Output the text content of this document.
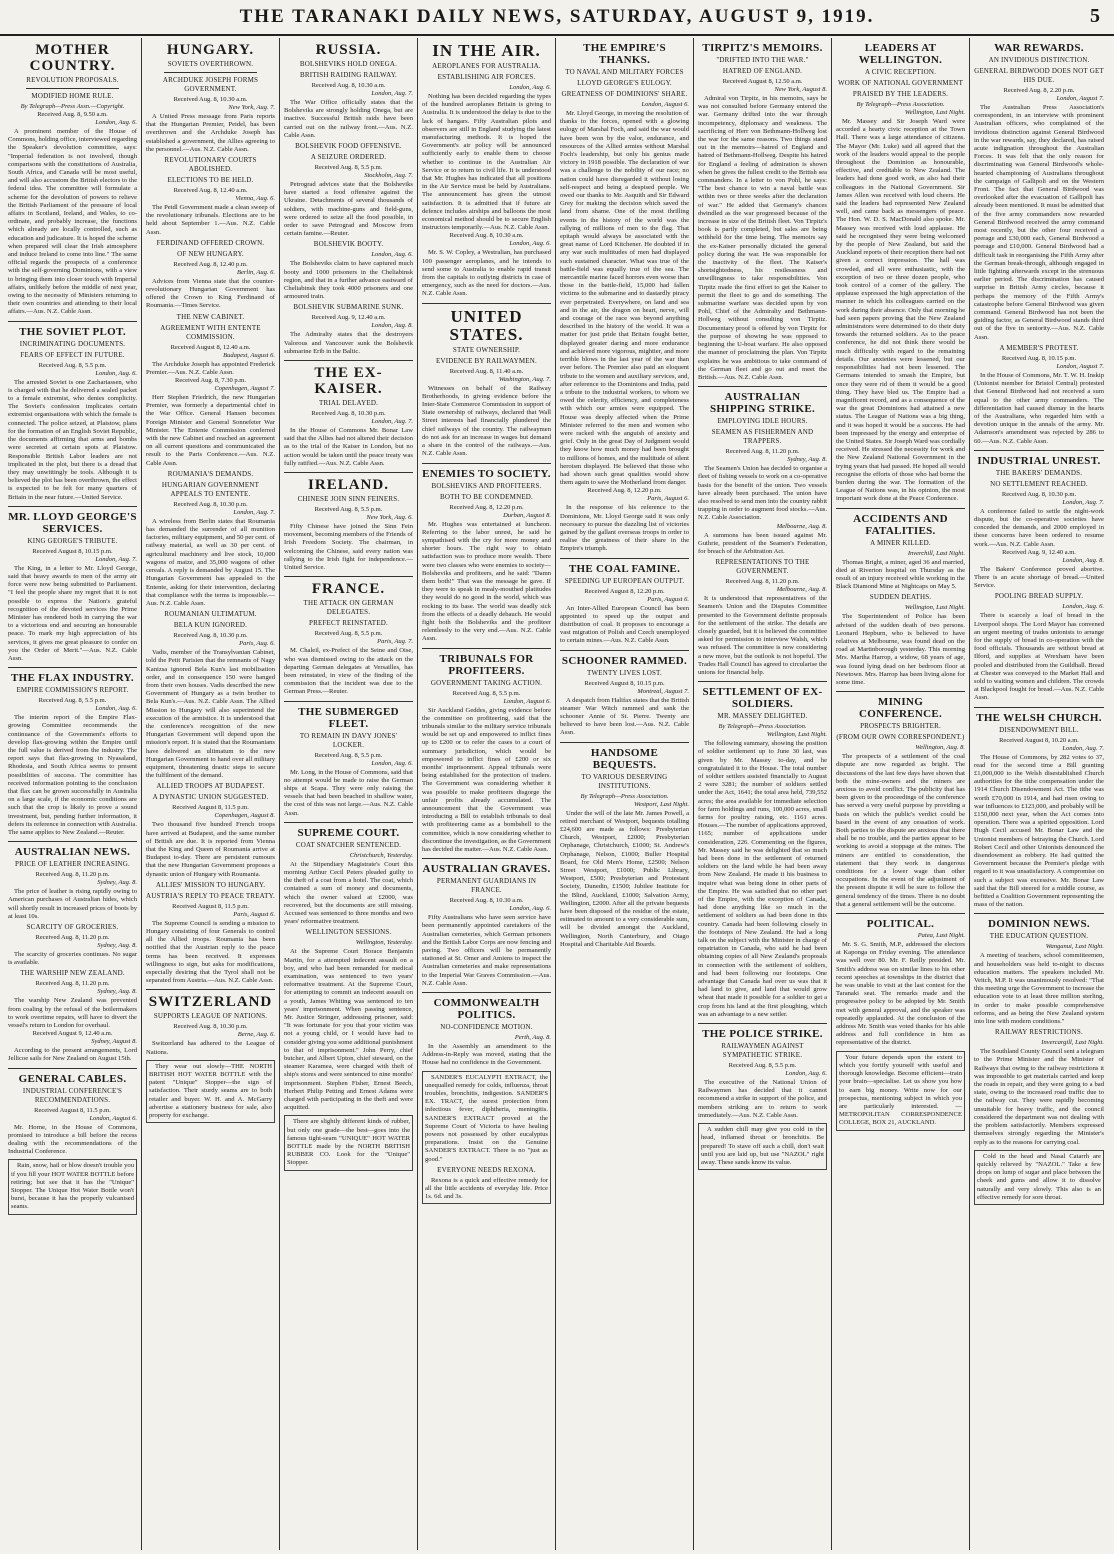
THE TARANAKI DAILY NEWS, SATURDAY, AUGUST 9, 1919.	5
MOTHER COUNTRY.
REVOLUTION PROPOSALS.
MODIFIED HOME RULE.
By Telegraph—Press Assn.—Copyright.
Received Aug. 8, 9.50 a.m.
London, Aug. 6.

A prominent member of the House of Commons, holding office, interviewed regarding the Speaker's devolution committee, says: "Imperial federation is not involved, though comparisons with the constitutions of Australia, South Africa, and Canada will be most useful, and will also accustom the British electors to the federal idea. The committee will formulate a scheme for the devolution of powers to relieve the British Parliament of the pressure of local affairs in Scotland, Ireland, and Wales, to co-ordinate, and probably increase, the functions which already are locally controlled, such as education and judicature. It is hoped the scheme when prepared will clear the Irish atmosphere and induce Ireland to come into line." The same official regards the prospects of a conference with the self-governing Dominions, with a view to bringing them into closer touch with Imperial affairs, unlikely before the middle of next year, owing to the necessity of Ministers returning to their own countries and attending to their local affairs.—Aus. N.Z. Cable Assn.

THE SOVIET PLOT.
INCRIMINATING DOCUMENTS.
FEARS OF EFFECT IN FUTURE.
Received Aug. 8, 5.5 p.m.
London, Aug. 6.

The arrested Soviet is one Zachariassen, who is charged with that he delivered a sealed packet to a female extremist, who denies complicity. The Soviet's confession implicates certain extremist organisations with which the female is connected. The police seized, at Plaistow, plans for the formation of an English Soviet Republic, the documents affirming that arms and bombs were secreted at certain spots at Plaistow. Responsible British Labor leaders are not implicated in the plot, but there is a dread that they may unwittingly be tools. Although it is believed the plot has been overthrown, the effect is expected to be felt for many quarters of Britain in the near future.—United Service.

MR. LLOYD GEORGE'S SERVICES.
KING GEORGE'S TRIBUTE.
Received August 8, 10.15 p.m.
London, Aug. 7.

The King, in a letter to Mr. Lloyd George, said that heavy awards to men of the army air force were now being submitted to Parliament. "I feel the people share my regret that it is not possible to express the Nation's grateful recognition of the devoted services the Prime Minister has rendered both in carrying the war to a victorious end and securing an honourable peace. To mark my high appreciation of his services, it gives me great pleasure to confer on you the Order of Merit."—Aus. N.Z. Cable Assn.

THE FLAX INDUSTRY.
EMPIRE COMMISSION'S REPORT.
Received Aug. 8, 5.5 p.m.
London, Aug. 6.

The interim report of the Empire Flax-growing Committee recommends the continuance of the Government's efforts to develop flax-growing within the Empire until the full value is derived from the industry. The report says that flax-growing in Nyasaland, Rhodesia, and South Africa seems to present possibilities of success. The committee has received information pointing to the conclusion that flax can be grown successfully in Australia on a large scale, if the economic conditions are such that the crop is likely to prove a sound investment, but, pending further information, it defers its reference in connection with Australia. The same applies to New Zealand.—Reuter.

AUSTRALIAN NEWS.
PRICE OF LEATHER INCREASING.
Received Aug. 8, 11.20 p.m.
Sydney, Aug. 8.

The price of leather is rising rapidly owing to American purchases of Australian hides, which will shortly result in increased prices of boots by at least 10s.

SCARCITY OF GROCERIES.
Received Aug. 8, 11.20 p.m.
Sydney, Aug. 8.

The scarcity of groceries continues. No sugar is available.

THE WARSHIP NEW ZEALAND.
Received Aug. 8, 11.20 p.m.
Sydney, Aug. 8.

The warship New Zealand was prevented from coaling by the refusal of the boilermakers to work overtime repairs, will have to divert the vessel's return to London for overhaul.

Received August 9, 12.40 a.m.
Sydney, August 8.

According to the present arrangements, Lord Jellicoe sails for New Zealand on August 15th.

GENERAL CABLES.
INDUSTRIAL CONFERENCE'S RECOMMENDATIONS.
Received August 8, 11.5 p.m.
London, August 6.

Mr. Horne, in the House of Commons, promised to introduce a bill before the recess dealing with the recommendations of the Industrial Conference.

Rain, snow, hail or blow doesn't trouble you if you fill your HOT WATER BOTTLE before retiring; but see that it has the "Unique" Stopper. The Unique Hot Water Bottle won't burst, because it has the properly vulcanised seams.

HUNGARY.
SOVIETS OVERTHROWN.
ARCHDUKE JOSEPH FORMS GOVERNMENT.
Received Aug. 8, 10.30 a.m.
New York, Aug. 7.

A United Press message from Paris reports that the Hungarian Premier, Peidel, has been overthrown and the Archduke Joseph has established a government, the Allies agreeing to the personnel.—Aus. N.Z. Cable Assn.

REVOLUTIONARY COURTS ABOLISHED.
ELECTIONS TO BE HELD.
Received Aug. 8, 12.40 a.m.
Vienna, Aug. 6.

The Peidl Government made a clean sweep of the revolutionary tribunals. Elections are to be held about September 1.—Aus. N.Z. Cable Assn.

FERDINAND OFFERED CROWN.
OF NEW HUNGARY.
Received Aug. 8, 12.40 p.m.
Berlin, Aug. 6.

Advices from Vienna state that the counter-revolutionary Hungarian Government has offered the Crown to King Ferdinand of Roumania.—Times Service.

THE NEW CABINET.
AGREEMENT WITH ENTENTE COMMISSION.
Received August 8, 12.40 a.m.
Budapest, August 6.

The Archduke Joseph has appointed Frederick Premier.—Aus. N.Z. Cable Assn.

Received Aug. 8, 7.30 p.m.
Copenhagen, August 7.

Herr Stephen Friedrich, the new Hungarian Premier, was formerly a departmental chief in the War Office. General Hansen becomes Foreign Minister and General Sonnefeter War Minister. The Entente Commission conferred with the new Cabinet and reached an agreement on all current questions and communicated the result to the Paris Conference.—Aus. N.Z. Cable Assn.

ROUMANIA'S DEMANDS.
HUNGARIAN GOVERNMENT APPEALS TO ENTENTE.
Received Aug. 8, 10.30 p.m.
London, Aug. 7.

A wireless from Berlin states that Roumania has demanded the surrender of all munition factories, military equipment, and 50 per cent. of railway material, as well as 30 per cent. of agricultural machinery and live stock, 10,000 wagons of maize, and 35,000 wagons of other cereals. A reply is demanded by August 15. The Hungarian Government has appealed to the Entente, asking for their intervention, declaring that compliance with the terms is impossible.—Aus. N.Z. Cable Assn.

ROUMANIAN ULTIMATUM.
BELA KUN IGNORED.
Received Aug. 8, 10.30 p.m.
Paris, Aug. 6.

Vadis, member of the Transylvanian Cabinet, told the Petit Parisien that the remnants of Nagy Kanizsa ignored Bela Kun's last mobilisation order, and in consequence 150 were hanged from their own houses. Vadis described the new Government of Hungary as a twin brother to Bela Kun's.—Aus. N.Z. Cable Assn. The Allied Mission to Hungary will also superintend the execution of the armistice. It is understood that the conference's recognition of the new Hungarian Government will depend upon the mission's report. It is stated that the Roumanians have delivered an ultimatum to the new Hungarian Government to hand over all military equipment, threatening drastic steps to secure the fulfilment of the demand.

ALLIED TROOPS AT BUDAPEST.
A DYNASTIC UNION SUGGESTED.
Received August 8, 11.5 p.m.
Copenhagen, August 8.

Two thousand five hundred French troops have arrived at Budapest, and the same number of British are due. It is reported from Vienna that the King and Queen of Roumania arrive at Budapest to-day. There are persistent rumours that the new Hungarian Government proposes a dynastic union of Hungary with Roumania.

ALLIES' MISSION TO HUNGARY.
AUSTRIA'S REPLY TO PEACE TREATY.
Received August 8, 11.5 p.m.
Paris, August 6.

The Supreme Council is sending a mission to Hungary consisting of four Generals to control all the Allied troops. Roumania has been notified that the Austrian reply to the peace terms has been received. It expresses willingness to sign, but asks for modifications, especially desiring that the Tyrol shall not be separated from Austria.—Aus. N.Z. Cable Assn.

SWITZERLAND
SUPPORTS LEAGUE OF NATIONS.
Received Aug. 8, 10.30 p.m.
Berne, Aug. 6.

Switzerland has adhered to the League of Nations.

They wear out slowly—THE NORTH BRITISH HOT WATER BOTTLE with the patent "Unique" Stopper—the sign of satisfaction. Their sturdy seams are to both retailer and buyer. W. H. and A. McGarry advertise a stationery business for sale, also property for exchange.

RUSSIA.
BOLSHEVIKS HOLD ONEGA.
BRITISH RAIDING RAILWAY.
Received Aug. 8, 10.30 a.m.
London, Aug. 7.

The War Office officially states that the Bolsheviks are strongly holding Onega, but are inactive. Successful British raids have been carried out on the railway front.—Aus. N.Z. Cable Assn.

BOLSHEVIK FOOD OFFENSIVE.
A SEIZURE ORDERED.
Received Aug. 8, 5.5 p.m.
Stockholm, Aug. 7.

Petrograd advices state that the Bolsheviks have started a food offensive against the Ukraine. Detachments of several thousands of soldiers, with machine-guns and field-guns, were ordered to seize all the food possible, in order to save Petrograd and Moscow from certain famine.—Reuter.

BOLSHEVIK BOOTY.
London, Aug. 6.

The Bolsheviks claim to have captured much booty and 1000 prisoners in the Cheliabinsk region, and that in a further advance eastward of Cheliabinsk they took 4000 prisoners and one armoured train.

BOLSHEVIK SUBMARINE SUNK.
Received Aug. 9, 12.40 a.m.
London, Aug. 8.

The Admiralty states that the destroyers Valorous and Vancouver sunk the Bolshevik submarine Erib in the Baltic.

THE EX-KAISER.
TRIAL DELAYED.
Received Aug. 8, 10.30 p.m.
London, Aug. 7.

In the House of Commons Mr. Bonar Law said that the Allies had not altered their decision as to the trial of the Kaiser in London, but no action would be taken until the peace treaty was fully ratified.—Aus. N.Z. Cable Assn.

IRELAND.
CHINESE JOIN SINN FEINERS.
Received Aug. 8, 5.5 p.m.
New York, Aug. 6.

Fifty Chinese have joined the Sinn Fein movement, becoming members of the Friends of Irish Freedom Society. The chairman, in welcoming the Chinese, said every nation was rallying to the Irish fight for independence.—United Service.

FRANCE.
THE ATTACK ON GERMAN DELEGATES.
PREFECT REINSTATED.
Received Aug. 8, 5.5 p.m.
Paris, Aug. 7.

M. Chaleil, ex-Prefect of the Seine and Oise, who was dismissed owing to the attack on the departing German delegates at Versailles, has been reinstated, in view of the finding of the commission that the incident was due to the German Press.—Reuter.

THE SUBMERGED FLEET.
TO REMAIN IN DAVY JONES' LOCKER.
Received Aug. 8, 5.5 p.m.
London, Aug. 6.

Mr. Long, in the House of Commons, said that no attempt would be made to raise the German ships at Scapa. They were only raising the vessels that had been beached in shallow water, the cost of this was not large.—Aus. N.Z. Cable Assn.

SUPREME COURT.
COAT SNATCHER SENTENCED.
Christchurch, Yesterday.

At the Stipendiary Magistrate's Court this morning Arthur Cecil Peters pleaded guilty to the theft of a coat from a hotel. The coat, which contained a sum of money and documents, which the owner valued at £2000, was recovered, but the documents are still missing. Accused was sentenced to three months and two years' reformative treatment.

WELLINGTON SESSIONS.
Wellington, Yesterday.

At the Supreme Court Horace Benjamin Martin, for a attempted indecent assault on a boy, and who had been remanded for medical examination, was sentenced to two years' reformative treatment. At the Supreme Court, for attempting to commit an indecent assault on a youth, James Whiting was sentenced to ten years' imprisonment. When passing sentence, Mr. Justice Stringer, addressing prisoner, said: "It was fortunate for you that your victim was not a young child, or I would have had to consider giving you some additional punishment to that of imprisonment." John Perry, chief butcher, and Albert Upton, chief steward, on the steamer Karamea, were charged with theft of ship's stores and were sentenced to nine months' imprisonment. Stephen Fisher, Ernest Beech, Herbert Philip Petting and Ernest Adams were charged with participating in the theft and were acquitted.

There are slightly different kinds of rubber, but only one grade—the best—goes into the famous tight-seam "UNIQUE" HOT WATER BOTTLE made by the NORTH BRITISH RUBBER CO. Look for the "Unique" Stopper.

IN THE AIR.
AEROPLANES FOR AUSTRALIA.
ESTABLISHING AIR FORCES.
London, Aug. 6.

Nothing has been decided regarding the types of the hundred aeroplanes Britain is giving to Australia. It is understood the delay is due to the lack of hangars. Fifty Australian pilots and observers are still in England studying the latest manufacturing methods. It is hoped the Government's air policy will be announced sufficiently early to enable them to choose whether to continue in the Australian Air Service or to return to civil life. It is understood that Mr. Hughes has indicated that all positions in the Air Service must be held by Australians. The announcement has given the utmost satisfaction. It is admitted that if future air defence includes airships and balloons the most economical method should be to secure English instructors temporarily.—Aus. N.Z. Cable Assn.

Received Aug. 8, 10.30 a.m.
London, Aug. 6.

Mr. S. W. Copley, a Westralian, has purchased 100 passenger aeroplanes, and he intends to send some to Australia to enable rapid transit from the capitals to outlying districts in case of emergency, such as the need for doctors.—Aus. N.Z. Cable Assn.

UNITED STATES.
STATE OWNERSHIP.
EVIDENCE BY RAILWAYMEN.
Received Aug. 8, 11.40 a.m.
Washington, Aug. 7.

Witnesses on behalf of the Railway Brotherhoods, in giving evidence before the Inter-State Commerce Commission in support of State ownership of railways, declared that Wall Street interests had financially plundered the chief railways of the country. The railwaymen do not ask for an increase in wages but demand a share in the control of the railways.—Aus. N.Z. Cable Assn.

ENEMIES TO SOCIETY.
BOLSHEVIKS AND PROFITEERS.
BOTH TO BE CONDEMNED.
Received Aug. 8, 12.20 p.m.
Durban, August 8.

Mr. Hughes was entertained at luncheon. Referring to the labor unrest, he said he sympathised with the cry for more money and shorter hours. The right way to obtain satisfaction was to produce more wealth. There were two classes who were enemies to society—Bolsheviks and profiteers, and he said: "Damn them both!" That was the message he gave. If they were to speak in mealy-mouthed platitudes they would do no good in the world, which was rocking to its base. The world was deadly sick from the effects of a deadly debauch. He would fight both the Bolsheviks and the profiteer relentlessly to the very end.—Aus. N.Z. Cable Assn.

TRIBUNALS FOR PROFITEERS.
GOVERNMENT TAKING ACTION.
Received Aug. 8, 5.5 p.m.
London, August 6.

Sir Auckland Geddes, giving evidence before the committee on profiteering, said that the tribunals similar to the military service tribunals would be set up and empowered to inflict fines up to £200 or to refer the cases to a court of summary jurisdiction, which would be empowered to inflict fines of £200 or six months' imprisonment. Appeal tribunals were being established for the protection of traders. The Government was considering whether it was possible to make profiteers disgorge the unfair profits already accumulated. The announcement that the Government was introducing a Bill to establish tribunals to deal with profiteering came as a bombshell to the committee, which is now considering whether to discontinue the investigation, as the Government has decided the matter.—Aus. N.Z. Cable Assn.

AUSTRALIAN GRAVES.
PERMANENT GUARDIANS IN FRANCE.
Received Aug. 8, 10.30 a.m.
London, Aug. 6.

Fifty Australians who have seen service have been permanently appointed caretakers of the Australian cemeteries, which German prisoners and the British Labor Corps are now fencing and paving. Two officers will be permanently stationed at St. Omer and Amiens to inspect the Australian cemeteries and make representations to the Imperial War Graves Commission.—Aus. N.Z. Cable Assn.

COMMONWEALTH POLITICS.
NO-CONFIDENCE MOTION.
Perth, Aug. 8.

In the Assembly an amendment to the Address-in-Reply was moved, stating that the House had no confidence in the Government.

SANDER'S EUCALYPTI EXTRACT, the unequalled remedy for colds, influenza, throat troubles, bronchitis, indigestion. SANDER'S EX. TRACT, the surest protection from infectious fever, diphtheria, meningitis. SANDER'S EXTRACT proved at the Supreme Court of Victoria to have healing powers not possessed by other eucalyptus preparations. Insist on the Genuine SANDER'S EXTRACT. There is no "just as good."

EVERYONE NEEDS REXONA.

Rexona is a quick and effective remedy for all the little accidents of everyday life. Price 1s. 6d. and 3s.

THE EMPIRE'S THANKS.
TO NAVAL AND MILITARY FORCES
LLOYD GEORGE'S EULOGY.
GREATNESS OF DOMINIONS' SHARE.
London, August 6.

Mr. Lloyd George, in moving the resolution of thanks to the forces, opened with a glowing eulogy of Marshal Foch, and said the war would have been won by the valor, endurance, and resources of the Allied armies without Marshal Foch's leadership, but only his genius made victory in 1918 possible. The declaration of war was a challenge to the nobility of our race; no nation could have disregarded it without losing self-respect and being a despised people. We owed our thanks to Mr. Asquith and Sir Edward Grey for making the decision which saved the land from shame. One of the most thrilling events in the history of the world was the rallying of millions of men to the flag. That epitaph would always be associated with the great name of Lord Kitchener. He doubted if in any war such multitudes of men had displayed such sustained character. What was true of the battle-field was equally true of the sea. The mercantile marine faced horrors even worse than those in the battle-field, 15,000 had fallen victims to the submarine and to dastardly piracy ever perpetrated. Everywhere, on land and sea and in the air, the dragon on heart, nerve, will and courage of the race was beyond anything described in the history of the world. It was a matter for just pride that Britain fought better, displayed greater daring and more endurance and achieved more vigorous, mightier, and more terrible blows in the last year of the war than ever before. The Premier also paid an eloquent tribute to the women and auxiliary services, and, after reference to the Dominions and India, paid a tribute to the industrial workers, to whom we owed the celerity, efficiency, and completeness with which our armies were equipped. The House was deeply affected when the Prime Minister referred to the men and women who were racked with the anguish of anxiety and grief. Only in the great Day of Judgment would they know how much money had been brought to millions of homes, and the multitude of silent heroism displayed. He believed that those who had shown such great qualities would show them again to save the Motherland from danger.

Received Aug. 8, 12.20 p.m.
Paris, August 6.

In the response of his reference to the Dominions, Mr. Lloyd George said it was only necessary to pursue the dazzling list of victories gained by the gallant overseas troops in order to realise the greatness of their share in the Empire's triumph.

THE COAL FAMINE.
SPEEDING UP EUROPEAN OUTPUT.
Received August 8, 12.20 p.m.
Paris, August 6.

An Inter-Allied European Council has been appointed to speed up the output and distribution of coal. It proposes to encourage a vast migration of Polish and Czech unemployed to certain mines.—Aus. N.Z. Cable Assn.

SCHOONER RAMMED.
TWENTY LIVES LOST.
Received August 8, 10.15 p.m.
Montreal, August 7.

A despatch from Halifax states that the British steamer War Witch rammed and sank the schooner Annie of St. Pierre. Twenty are believed to have been lost.—Aus. N.Z. Cable Assn.

HANDSOME BEQUESTS.
TO VARIOUS DESERVING INSTITUTIONS.
By Telegraph—Press Association.
Westport, Last Night.

Under the will of the late Mr. James Powell, a retired merchant of Westport, bequests totalling £24,600 are made as follows: Presbyterian Church, Westport, £2000; Presbyterian Orphanage, Christchurch, £1000; St. Andrew's Orphanage, Nelson, £1000; Buller Hospital Board, for Old Men's Home, £2500; Nelson Street Westport, £1000; Public Library, Westport, £500; Presbyterian and Protestant Society, Dunedin, £1500; Jubilee Institute for the Blind, Auckland, £1000; Salvation Army, Wellington, £2000. After all the private bequests have been disposed of the residue of the estate, estimated to amount to a very considerable sum, will be divided amongst the Auckland, Wellington, North Canterbury, and Otago Hospital and Charitable Aid Boards.

TIRPITZ'S MEMOIRS.
"DRIFTED INTO THE WAR."
HATRED OF ENGLAND.
Received August 8, 12.50 a.m.
New York, August 8.

Admiral von Tirpitz, in his memoirs, says he was not consulted before Germany entered the war. Germany drifted into the war through incompetency, diplomacy and weakness. The sacrificing of Herr von Bethmann-Hollweg lost the war for the same reasons. Two things stand out in the memoirs—hatred of England and hatred of Bethmann-Hollweg. Despite his hatred for England a feeling of admiration is shown when he gives the fullest credit to the British sea commanders. In a letter to von Pohl, he says: "The best chance to win a naval battle was within two or three weeks after the declaration of war." He added that Germany's chances dwindled as the war progressed because of the increase in size of the British fleet. Von Tirpitz's book is partly completed, but sales are being withheld for the time being. The memoirs say the ex-Kaiser personally dictated the general policy during the war. He was responsible for the inactivity of the fleet. The Kaiser's shortsightedness, his restlessness and unwillingness to take responsibilities. Von Tirpitz made the first effort to get the Kaiser to permit the fleet to go and do something. The submarine warfare was decided upon by von Pohl, Chief of the Admiralty and Bethmann-Hollweg without consulting von Tirpitz. Documentary proof is offered by von Tirpitz for the purpose of showing he was opposed to beginning the U-boat warfare. He also opposed the manner of proclaiming the plan. Von Tirpitz explains he was ambitious to take command of the German fleet and go out and meet the British.—Aus. N.Z. Cable Assn.

AUSTRALIAN SHIPPING STRIKE.
EMPLOYING IDLE HOURS.
SEAMEN AS FISHERMEN AND TRAPPERS.
Received Aug. 8, 11.20 p.m.
Sydney, Aug. 8.

The Seamen's Union has decided to organise a fleet of fishing vessels to work on a co-operative basis for the benefit of the union. Two vessels have already been purchased. The union have also resolved to send men into the country rabbit trapping in order to augment food stocks.—Aus. N.Z. Cable Association.

Melbourne, Aug. 8.

A summons has been issued against Mr. Guthrie, president of the Seamen's Federation, for breach of the Arbitration Act.

REPRESENTATIONS TO THE GOVERNMENT.
Received Aug. 8, 11.20 p.m.
Melbourne, Aug. 8.

It is understood that representatives of the Seamen's Union and the Disputes Committee presented to the Government definite proposals for the settlement of the strike. The details are closely guarded, but it is believed the committee asked for permission to interview Walsh, which was refused. The committee is now considering a new move, but the outlook is not hopeful. The Trades Hall Council has agreed to circularise the unions for financial help.

SETTLEMENT OF EX-SOLDIERS.
MR. MASSEY DELIGHTED.
By Telegraph—Press Association.
Wellington, Last Night.

The following summary, showing the position of soldier settlement up to June 30 last, was given by Mr. Massey to-day, and he congratulated it to the House. The total number of soldier settlers assisted financially to August 2 were 3281; the number of soldiers settled under the Act, 1641; the total area held, 739,552 acres; the area available for immediate selection for farm holdings and runs, 100,000 acres, small farms for poultry raising, etc. 1161 acres. Houses.—The number of applications approved, 1165; number of applications under consideration, 226. Commenting on the figures, Mr. Massey said he was delighted that so much had been done in the settlement of returned soldiers on the land while he had been away from New Zealand. He made it his business to inquire what was being done in other parts of the Empire. He was satisfied that no other part of the Empire, with the exception of Canada, had done anything like so much in the settlement of soldiers as had been done in this country. Canada had been following closely in the footsteps of New Zealand. He had a long talk on the subject with the Minister in charge of repatriation in Canada, who said he had been obtaining copies of all New Zealand's proposals in connection with the settlement of soldiers, and had been following our footsteps. One advantage that Canada had over us was that it had land to give, and land that would grow wheat that made it possible for a soldier to get a crop from his land at the first ploughing, which was an advantage to a new settler.

THE POLICE STRIKE.
RAILWAYMEN AGAINST SYMPATHETIC STRIKE.
Received Aug. 8, 5.5 p.m.
London, Aug. 6.

The executive of the National Union of Railwaymen has decided that it cannot recommend a strike in support of the police, and members striking are to return to work immediately.—Aus. N.Z. Cable Assn.

A sudden chill may give you cold in the head, inflamed throat or bronchitis. Be prepared! To stave off such a chill, don't wait until you are laid up, but use "NAZOL" right away. These sands know its value.

LEADERS AT WELLINGTON.
A CIVIC RECEPTION.
WORK OF NATIONAL GOVERNMENT
PRAISED BY THE LEADERS.
By Telegraph—Press Association.
Wellington, Last Night.

Mr. Massey and Sir Joseph Ward were accorded a hearty civic reception at the Town Hall. There was a large attendance of citizens. The Mayor (Mr. Luke) said all agreed that the work of the leaders would appeal to the people throughout the Dominion as honourable, effective, and creditable to New Zealand. The leaders had done good work, as also had their colleagues in the National Government. Sir James Allen was received with loud cheers. He said the leaders had represented New Zealand well, and came back as messengers of peace. The Hon. W. D. S. MacDonald also spoke. Mr. Massey was received with loud applause. He said he recognised they were being welcomed by the people of New Zealand, but said the Auckland reports of their reception there had not given a correct impression. The hall was crowded, and all were enthusiastic, with the exception of two or three dozen people, who took control of a corner of the gallery. The applause expressed the high appreciation of the manner in which his colleagues carried on the work during their absence. Only that morning he had seen papers proving that the New Zealand administrators were determined to do their duty towards the returned soldiers. As to the peace conference, he did not think there would be much difficulty with regard to the remaining details. Our anxieties were lessened, but our responsibilities had not been lessened. The Germans intended to smash the Empire, but once they were rid of them it would be a good thing. They have bled us. The Empire had a magnificent record, and as a consequence of the war the great Dominions had attained a new status. The League of Nations was a big thing, and it was hoped it would be a success. He had been impressed by the energy and enterprise of the United States. Sir Joseph Ward was cordially received. He stressed the necessity for work and the New Zealand National Government in the trying years that had passed. He hoped all would recognise the efforts of those who had borne the burden during the war. The formation of the League of Nations was, in his opinion, the most important work done at the Peace Conference.

ACCIDENTS AND FATALITIES.
A MINER KILLED.
Inverchill, Last Night.

Thomas Bright, a miner, aged 36 and married, died at Riverton hospital on Thursday as the result of an injury received while working in the Black Diamond Mine at Nightcaps on May 5.

SUDDEN DEATHS.
Wellington, Last Night.

The Superintendent of Police has been advised of the sudden death of two persons. Leonard Hepburn, who is believed to have relatives at Melbourne, was found dead on the road at Martinborough yesterday. This morning Mrs. Martha Harrop, a widow, 68 years of age, was found lying dead on her bedroom floor at Newtown. Mrs. Harrop has been living alone for some time.

MINING CONFERENCE.
PROSPECTS BRIGHTER.
(FROM OUR OWN CORRESPONDENT.)
Wellington, Aug. 8.

The prospects of a settlement of the coal dispute are now regarded as bright. The discussions of the last few days have shown that both the mine-owners and the miners are anxious to avoid conflict. The publicity that has been given to the proceedings of the conference has served a very useful purpose by providing a basis on which the public's verdict could be based in the event of any cessation of work. Both parties to the dispute are anxious that there shall be no trouble, and the parties appear to be working to avoid a stoppage at the mines. The miners are entitled to consideration, the statement that they work in dangerous conditions for a lower wage than other occupations. In the event of the adjustment of the present dispute it will be sure to follow the general tendency of the times. There is no doubt that a general settlement will be the outcome.

POLITICAL.
Patea, Last Night.

Mr. S. G. Smith, M.P., addressed the electors at Kaponga on Friday evening. The attendance was well over 80. Mr. F. Reilly presided. Mr. Smith's address was on similar lines to his other recent speeches at townships in the district that he was unable to visit at the last contest for the Taranaki seat. The remarks made and the progressive policy to be adopted by Mr. Smith met with general approval, and the speaker was repeatedly applauded. At the conclusion of the address Mr. Smith was voted thanks for his able address and full confidence in him as representative of the district.

Your future depends upon the extent to which you fortify yourself with useful and thorough knowledge. Become efficient—train your brain—specialise. Let us show you how to earn big money. Write now for our prospectus, mentioning subject in which you are particularly interested. —METROPOLITAN CORRESPONDENCE COLLEGE, BOX 21, AUCKLAND.

WAR REWARDS.
AN INVIDIOUS DISTINCTION.
GENERAL BIRDWOOD DOES NOT GET HIS DUE.
Received Aug. 8, 2.20 p.m.
London, August 7.

The Australian Press Association's correspondent, in an interview with prominent Australian officers, who complained of the invidious distinction against General Birdwood in the war rewards, say, they declared, has raised acute indignation throughout the Australian Forces. It was felt that the only reason for discriminating was General Birdwood's whole-hearted championing of Australians throughout the campaign of Gallipoli and on the Western Front. The fact that General Birdwood was overlooked after the evacuation of Gallipoli has already been mentioned. It must be admitted that of the five army commanders now rewarded General Birdwood received the army command most recently, but the other four received a peerage and £30,000 each, General Birdwood a peerage and £10,000. General Birdwood had a difficult task in reorganising the Fifth Army after the German break-through, although engaged in little fighting afterwards except in the strenuous earlier period. The discrimination has caused surprise in British Army circles, because it perhaps the memory of the Fifth Army's catastrophe before General Birdwood was given command. General Birdwood has not been the guiding factor, as General Birdwood stands third out of the five in seniority.—Aus. N.Z. Cable Assn.

A MEMBER'S PROTEST.
Received Aug. 8, 10.15 p.m.
London, August 7.

In the House of Commons, Mr. T. W. H. Inskip (Unionist member for Bristol Central) protested that General Birdwood had not received a sum equal to the other army commanders. The differentiation had caused dismay in the hearts of the Australians, who regarded him with a devotion unique in the annals of the army. Mr. Adamson's amendment was rejected by 286 to 60.—Aus. N.Z. Cable Assn.

INDUSTRIAL UNREST.
THE BAKERS' DEMANDS.
NO SETTLEMENT REACHED.
Received Aug. 8, 10.30 p.m.
London, Aug. 7.

A conference failed to settle the night-work dispute, but the co-operative societies have conceded the demands, and 2000 employed in these concerns have been ordered to resume work.—Aus. N.Z. Cable Assn.

Received Aug. 9, 12.40 a.m.
London, Aug. 8.

The Bakers' Conference proved abortive. There is an acute shortage of bread.—United Service.

POOLING BREAD SUPPLY.
London, Aug. 6.

There is scarcely a loaf of bread in the Liverpool shops. The Lord Mayor has convened an urgent meeting of trades unionists to arrange for the supply of bread in co-operation with the food officials. Thousands are without bread at Ilford, and supplies at Wrexham have been pooled and distributed from the Guildhall. Bread at Chester was conveyed to the Market Hall and sold to waiting women and children. The crowds at Blackpool fought for bread.—Aus. N.Z. Cable Assn.

THE WELSH CHURCH.
DISENDOWMENT BILL.
Received August 8, 10.20 a.m.
London, Aug. 7.

The House of Commons, by 282 votes to 37, read for the second time a Bill granting £1,000,000 to the Welsh disestablished Church authorities for the tithe compensation under the 1914 Church Disendowment Act. The tithe was worth £70,000 in 1914, and had risen owing to war influences to £123,000, and probably will be £150,000 next year, when the Act comes into operation. There was a spirited opposition. Lord Hugh Cecil accused Mr. Bonar Law and the Unionist members of betraying the Church. Lord Robert Cecil and other Unionists denounced the disendowment as robbery. He had quitted the Government because the Premier's pledge with regard to it was unsatisfactory. A compromise on such a subject was excessive. Mr. Bonar Law said that the Bill steered for a middle course, as befitted a Coalition Government representing the mass of the nation.

DOMINION NEWS.
THE EDUCATION QUESTION.
Wanganui, Last Night.

A meeting of teachers, school committeemen, and householders was held to-night to discuss education matters. The speakers included Mr. Veitch, M.P. It was unanimously resolved: "That this meeting urge the Government to increase the education vote to at least three million sterling, in order to make possible comprehensive reforms, and as being the New Zealand system into line with modern conditions."

RAILWAY RESTRICTIONS.
Invercargill, Last Night.

The Southland County Council sent a telegram to the Prime Minister and the Minister of Railways that owing to the railway restrictions it was impossible to get materials carried and keep the roads in repair, and they were going to a bad state, owing to the increased road traffic due to the railway cut. They were rapidly becoming unsuitable for heavy traffic, and the council considered the department was not dealing with the problem satisfactorily. Members expressed themselves strongly regarding the Minister's reply as to the reasons for carrying coal.

Cold in the head and Nasal Catarrh are quickly relieved by "NAZOL." Take a few drops on lump of sugar and place between the cheek and gums and allow it to dissolve naturally and very slowly. This also is an effective remedy for sore throat.
